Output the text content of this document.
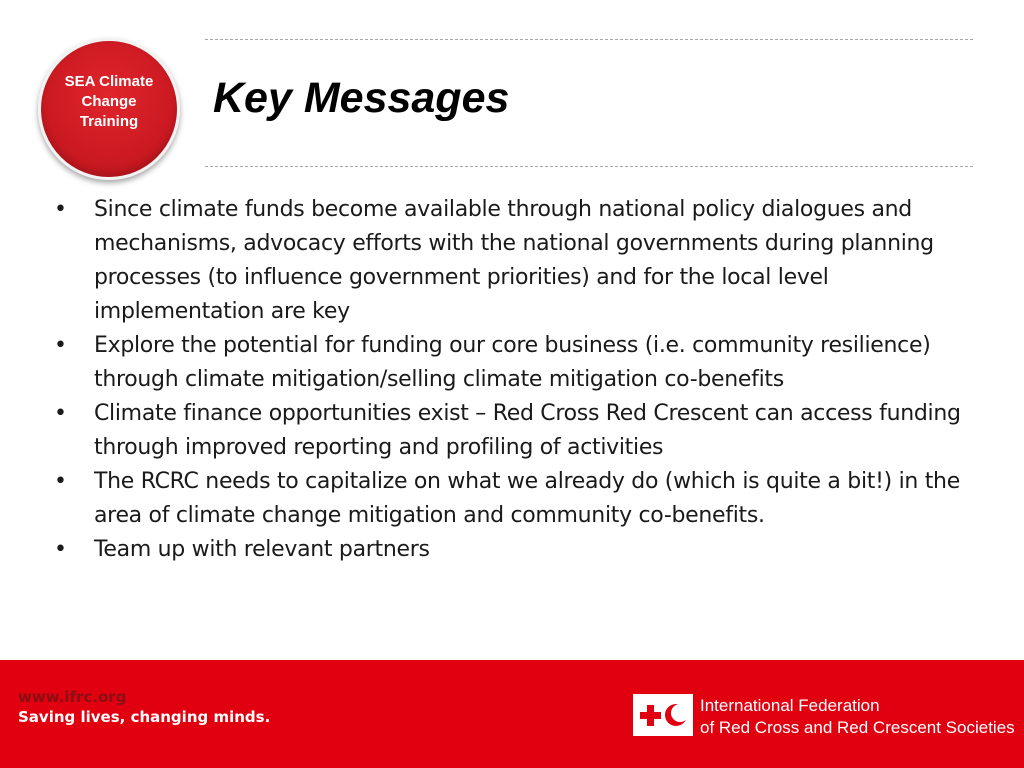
SEA Climate
Change
Training	Key Messages
• Since climate funds become available through national policy dialogues and mechanisms, advocacy efforts with the national governments during planning processes (to influence government priorities) and for the local level implementation are key
• Explore the potential for funding our core business (i.e. community resilience) through climate mitigation/selling climate mitigation co-benefits
• Climate finance opportunities exist – Red Cross Red Crescent can access funding through improved reporting and profiling of activities
• The RCRC needs to capitalize on what we already do (which is quite a bit!) in the area of climate change mitigation and community co-benefits.
• Team up with relevant partners
www.ifrc.org
Saving lives, changing minds.
International Federation
of Red Cross and Red Crescent Societies
